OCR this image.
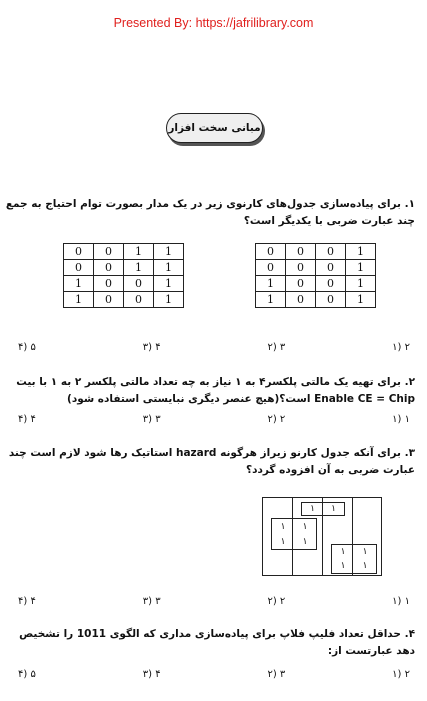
Presented By: https://jafrilibrary.com
مبانی سخت افزار
۱. برای پیاده‌سازی جدول‌های کارنوی زیر در یک مدار بصورت توام احتیاج به جمع چند عبارت ضربی با یکدیگر است؟
0	0	1	1
0	0	1	1
1	0	0	1
1	0	0	1
0	0	0	1
0	0	0	1
1	0	0	1
1	0	0	1
۲ (۱
۳ (۲
۴ (۳
۵ (۴
۲. برای تهیه یک مالتی پلکسر۴ به ۱ نیاز به چه تعداد مالتی پلکسر ۲ به ۱ با بیت Enable CE = Chip است؟(هیچ عنصر دیگری نبایستی استفاده شود)
۱ (۱
۲ (۲
۳ (۳
۴ (۴
۳. برای آنکه جدول کارنو زیراز هرگونه hazard استاتیک رها شود لازم است چند عبارت ضربی به آن افزوده گردد؟
۱ ۱
۱	۱
۱	۱
۱	۱
۱	۱
۱ (۱
۲ (۲
۳ (۳
۴ (۴
۴. حداقل تعداد فلیپ فلاپ برای پیاده‌سازی مداری که الگوی 1011 را تشخیص دهد عبارتست از:
۲ (۱
۳ (۲
۴ (۳
۵ (۴
